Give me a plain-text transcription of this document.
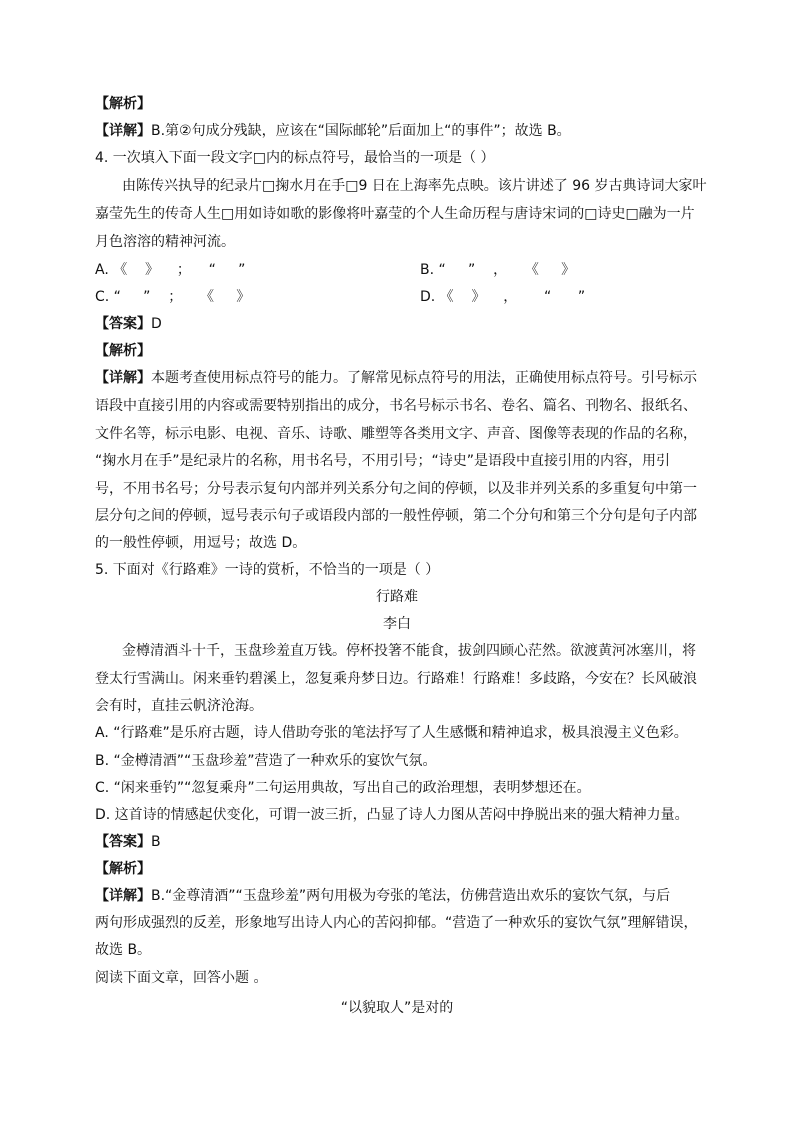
【解析】
【详解】B.第②句成分残缺，应该在“国际邮轮”后面加上“的事件”；故选 B。
4. 一次填入下面一段文字□内的标点符号，最恰当的一项是（ ）
由陈传兴执导的纪录片□掬水月在手□9 日在上海率先点映。该片讲述了 96 岁古典诗词大家叶
嘉莹先生的传奇人生□用如诗如歌的影像将叶嘉莹的个人生命历程与唐诗宋词的□诗史□融为一片
月色溶溶的精神河流。
A. 《    》    ；    “     ”	B. “     ”    ，    《     》
C. “     ”    ；    《     》	D. 《    》    ，      “      ”
【答案】D
【解析】
【详解】本题考查使用标点符号的能力。了解常见标点符号的用法，正确使用标点符号。引号标示
语段中直接引用的内容或需要特别指出的成分，书名号标示书名、卷名、篇名、刊物名、报纸名、
文件名等，标示电影、电视、音乐、诗歌、雕塑等各类用文字、声音、图像等表现的作品的名称，
“掬水月在手”是纪录片的名称，用书名号，不用引号；“诗史”是语段中直接引用的内容，用引
号，不用书名号；分号表示复句内部并列关系分句之间的停顿，以及非并列关系的多重复句中第一
层分句之间的停顿，逗号表示句子或语段内部的一般性停顿，第二个分句和第三个分句是句子内部
的一般性停顿，用逗号；故选 D。
5. 下面对《行路难》一诗的赏析，不恰当的一项是（ ）
行路难
李白
金樽清酒斗十千，玉盘珍羞直万钱。停杯投箸不能食，拔剑四顾心茫然。欲渡黄河冰塞川，将
登太行雪满山。闲来垂钓碧溪上，忽复乘舟梦日边。行路难！行路难！多歧路，今安在？长风破浪
会有时，直挂云帆济沧海。
A. “行路难”是乐府古题，诗人借助夸张的笔法抒写了人生感慨和精神追求，极具浪漫主义色彩。
B. “金樽清酒”“玉盘珍羞”营造了一种欢乐的宴饮气氛。
C. “闲来垂钓”“忽复乘舟”二句运用典故，写出自己的政治理想，表明梦想还在。
D. 这首诗的情感起伏变化，可谓一波三折，凸显了诗人力图从苦闷中挣脱出来的强大精神力量。
【答案】B
【解析】
【详解】B.“金尊清酒”“玉盘珍羞”两句用极为夸张的笔法，仿佛营造出欢乐的宴饮气氛，与后
两句形成强烈的反差，形象地写出诗人内心的苦闷抑郁。“营造了一种欢乐的宴饮气氛”理解错误，
故选 B。
阅读下面文章，回答小题 。
“以貌取人”是对的
